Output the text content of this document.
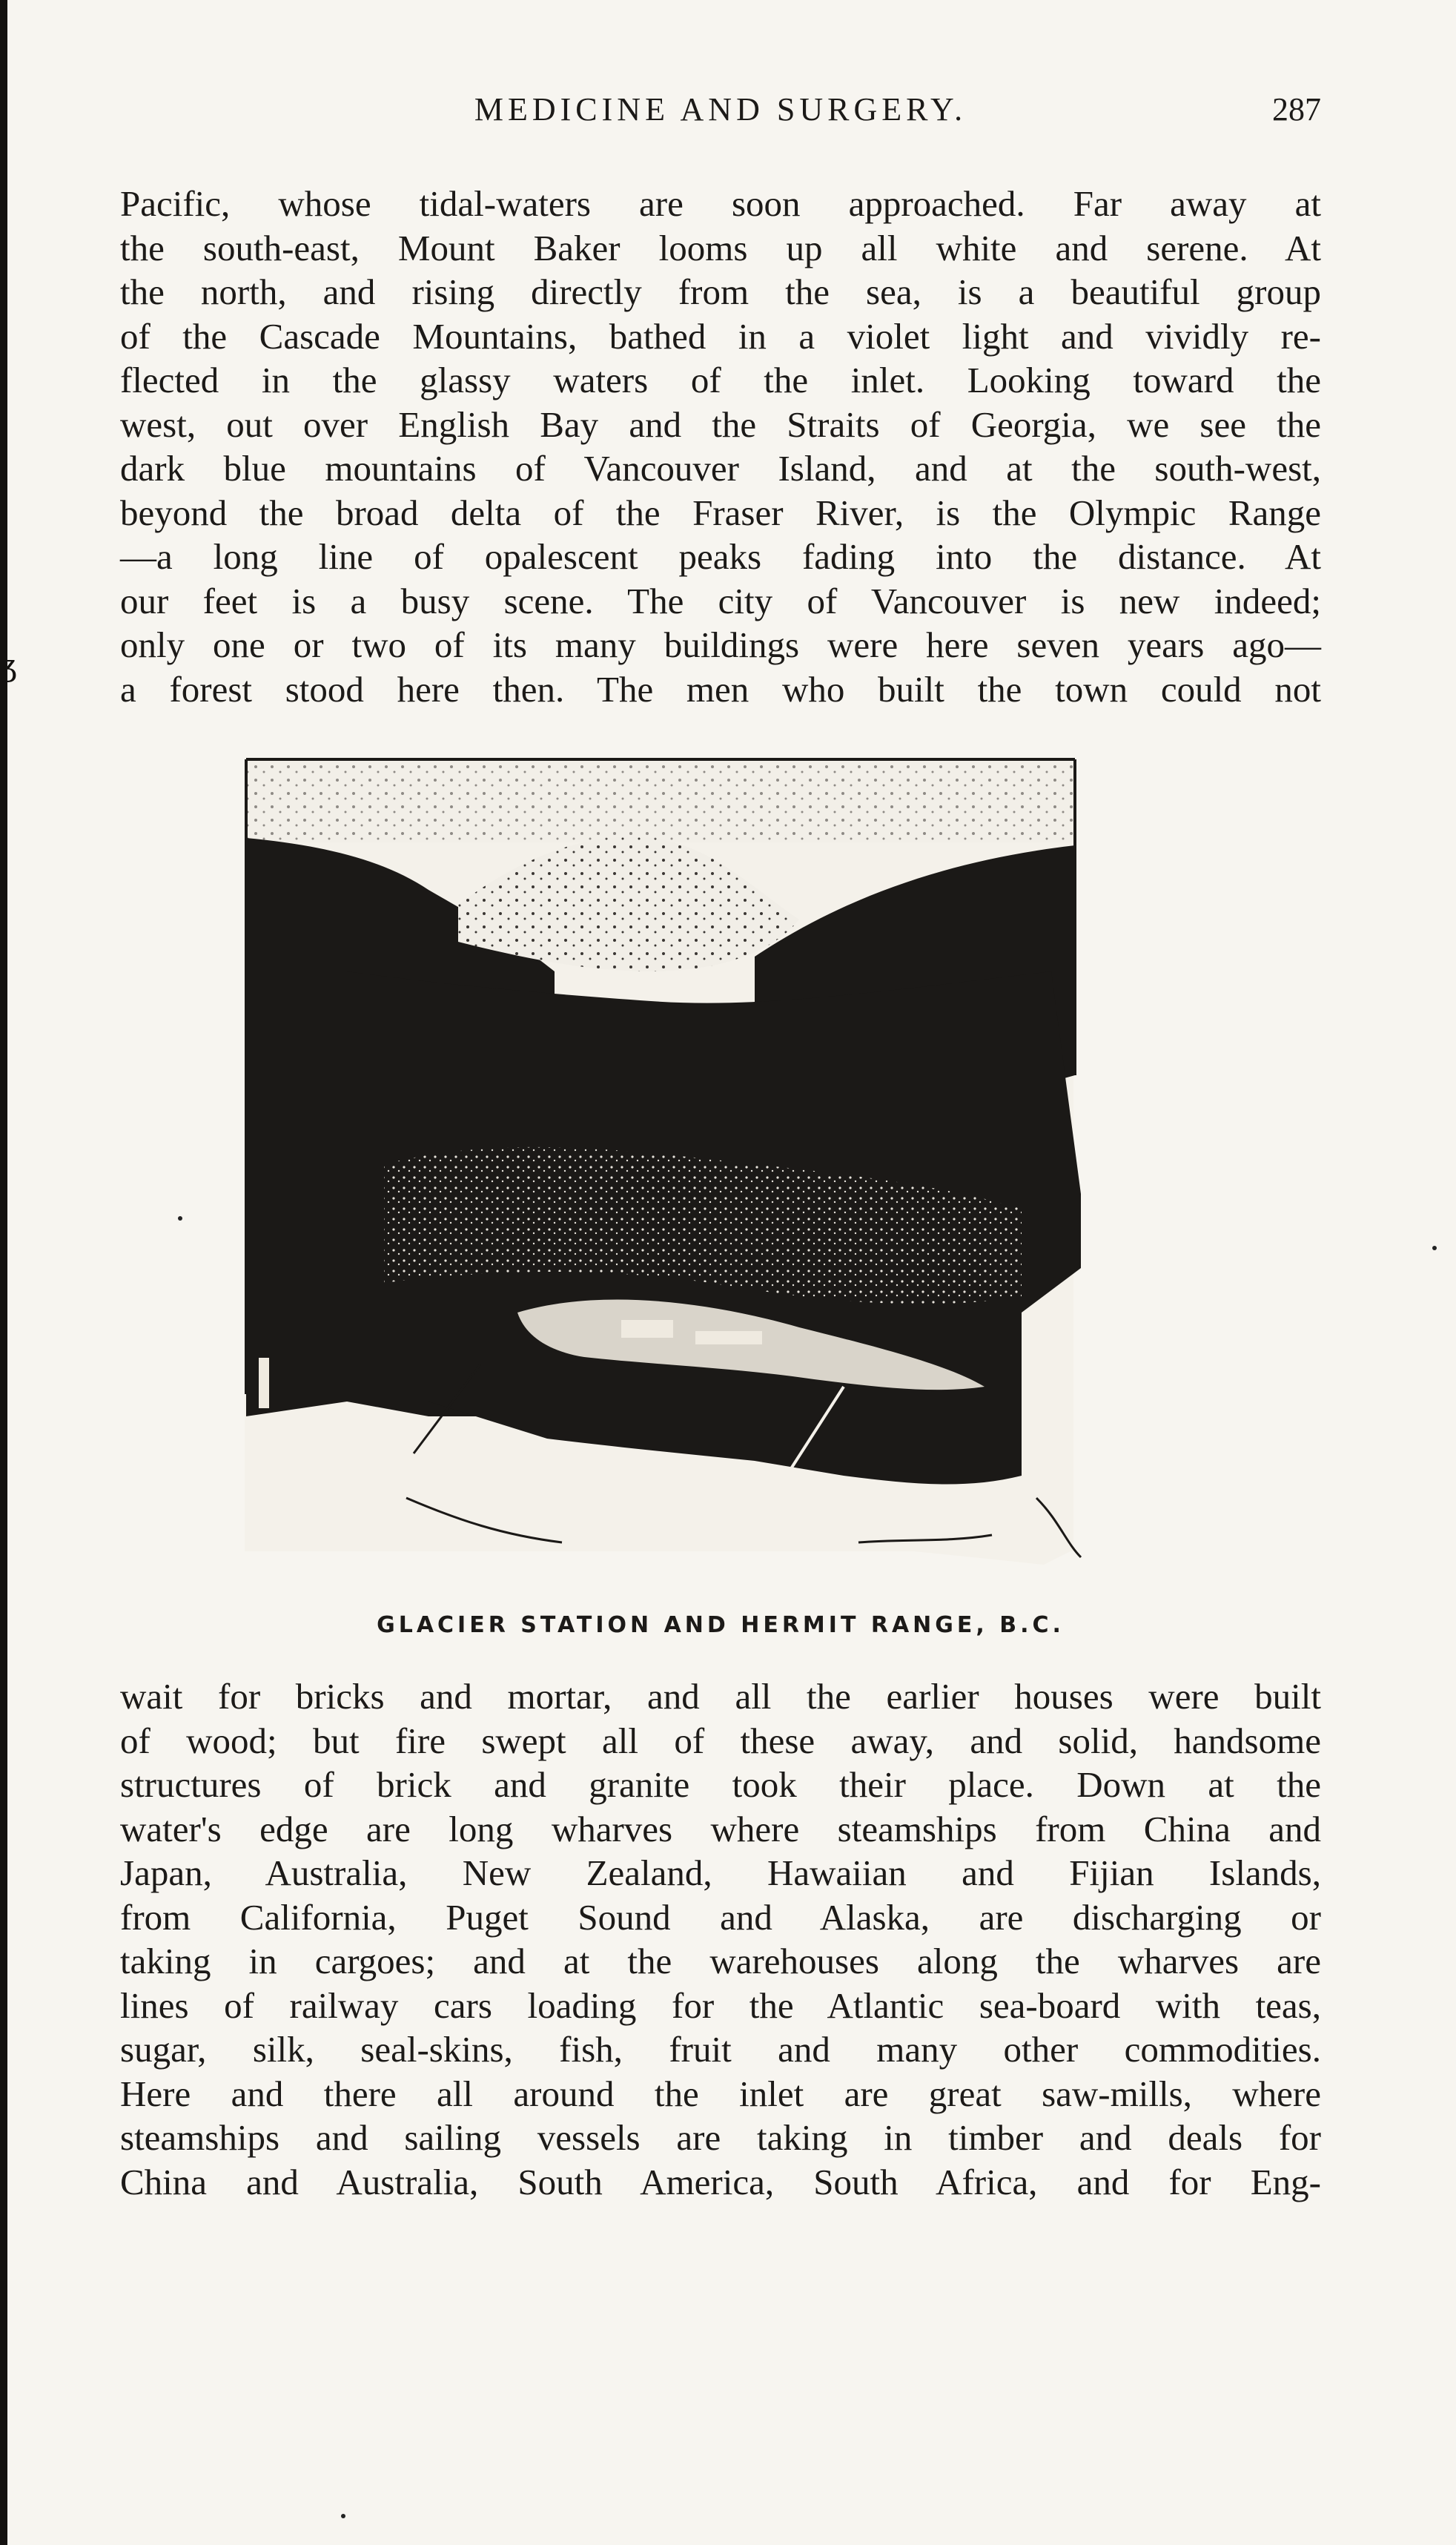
ʒ
MEDICINE AND SURGERY.	287
Pacific, whose tidal-waters are soon approached. Far away at
the south-east, Mount Baker looms up all white and serene. At
the north, and rising directly from the sea, is a beautiful group
of the Cascade Mountains, bathed in a violet light and vividly re-
flected in the glassy waters of the inlet. Looking toward the
west, out over English Bay and the Straits of Georgia, we see the
dark blue mountains of Vancouver Island, and at the south-west,
beyond the broad delta of the Fraser River, is the Olympic Range
—a long line of opalescent peaks fading into the distance. At
our feet is a busy scene. The city of Vancouver is new indeed;
only one or two of its many buildings were here seven years ago—
a forest stood here then. The men who built the town could not
GLACIER STATION AND HERMIT RANGE, B.C.
wait for bricks and mortar, and all the earlier houses were built
of wood; but fire swept all of these away, and solid, handsome
structures of brick and granite took their place. Down at the
water's edge are long wharves where steamships from China and
Japan, Australia, New Zealand, Hawaiian and Fijian Islands,
from California, Puget Sound and Alaska, are discharging or
taking in cargoes; and at the warehouses along the wharves are
lines of railway cars loading for the Atlantic sea-board with teas,
sugar, silk, seal-skins, fish, fruit and many other commodities.
Here and there all around the inlet are great saw-mills, where
steamships and sailing vessels are taking in timber and deals for
China and Australia, South America, South Africa, and for Eng-
